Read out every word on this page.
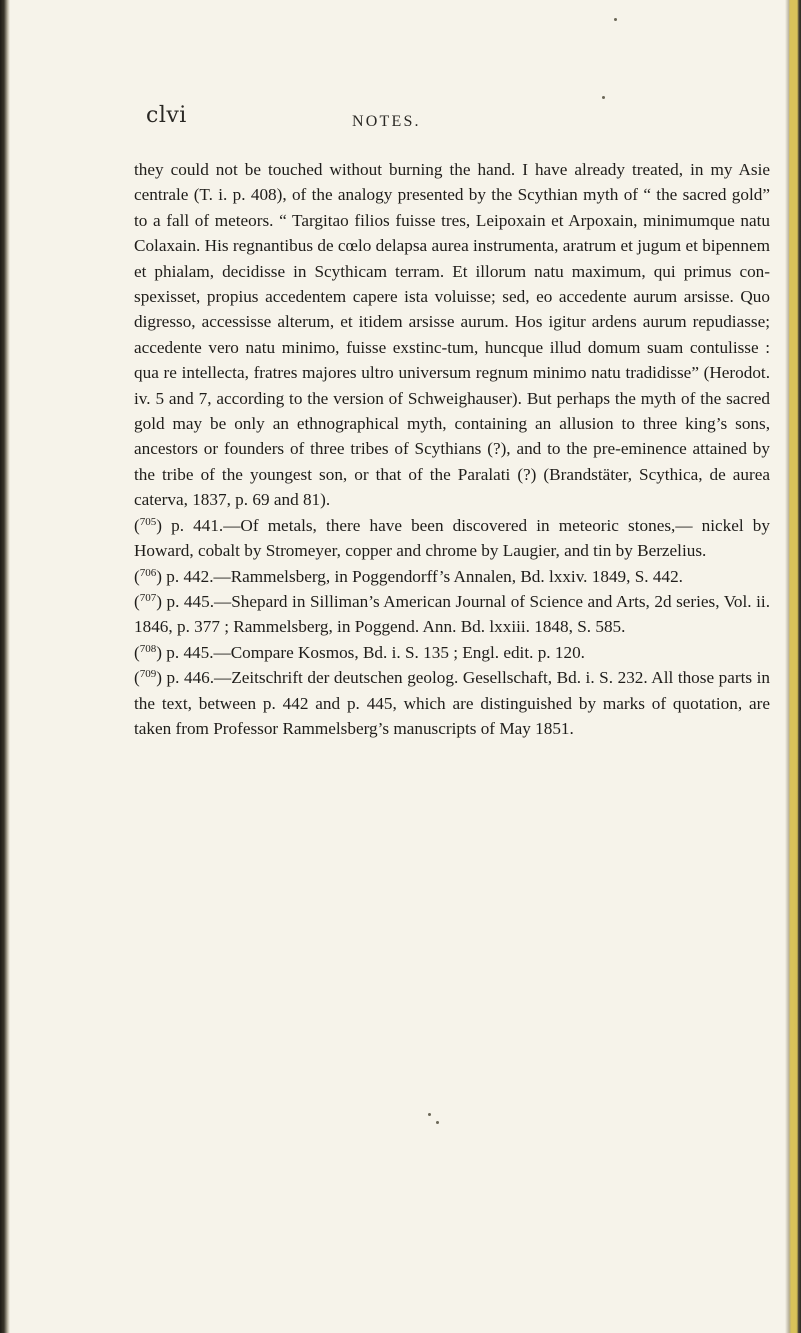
clvi	NOTES.

they could not be touched without burning the hand. I have already treated, in my Asie centrale (T. i. p. 408), of the analogy presented by the Scythian myth of “ the sacred gold” to a fall of meteors. “ Targitao filios fuisse tres, Leipoxain et Arpoxain, minimumque natu Colaxain. His regnantibus de cœlo delapsa aurea instrumenta, aratrum et jugum et bipennem et phialam, decidisse in Scythicam terram. Et illorum natu maximum, qui primus con-spexisset, propius accedentem capere ista voluisse; sed, eo accedente aurum arsisse. Quo digresso, accessisse alterum, et itidem arsisse aurum. Hos igitur ardens aurum repudiasse; accedente vero natu minimo, fuisse exstinc-tum, huncque illud domum suam contulisse : qua re intellecta, fratres majores ultro universum regnum minimo natu tradidisse” (Herodot. iv. 5 and 7, according to the version of Schweighauser). But perhaps the myth of the sacred gold may be only an ethnographical myth, containing an allusion to three king’s sons, ancestors or founders of three tribes of Scythians (?), and to the pre-eminence attained by the tribe of the youngest son, or that of the Paralati (?) (Brandstäter, Scythica, de aurea caterva, 1837, p. 69 and 81).

($^{705}$) p. 441.—Of metals, there have been discovered in meteoric stones,— nickel by Howard, cobalt by Stromeyer, copper and chrome by Laugier, and tin by Berzelius.

($^{706}$) p. 442.—Rammelsberg, in Poggendorff’s Annalen, Bd. lxxiv. 1849, S. 442.

($^{707}$) p. 445.—Shepard in Silliman’s American Journal of Science and Arts, 2d series, Vol. ii. 1846, p. 377 ; Rammelsberg, in Poggend. Ann. Bd. lxxiii. 1848, S. 585.

($^{708}$) p. 445.—Compare Kosmos, Bd. i. S. 135 ; Engl. edit. p. 120.

($^{709}$) p. 446.—Zeitschrift der deutschen geolog. Gesellschaft, Bd. i. S. 232. All those parts in the text, between p. 442 and p. 445, which are distinguished by marks of quotation, are taken from Professor Rammelsberg’s manuscripts of May 1851.
